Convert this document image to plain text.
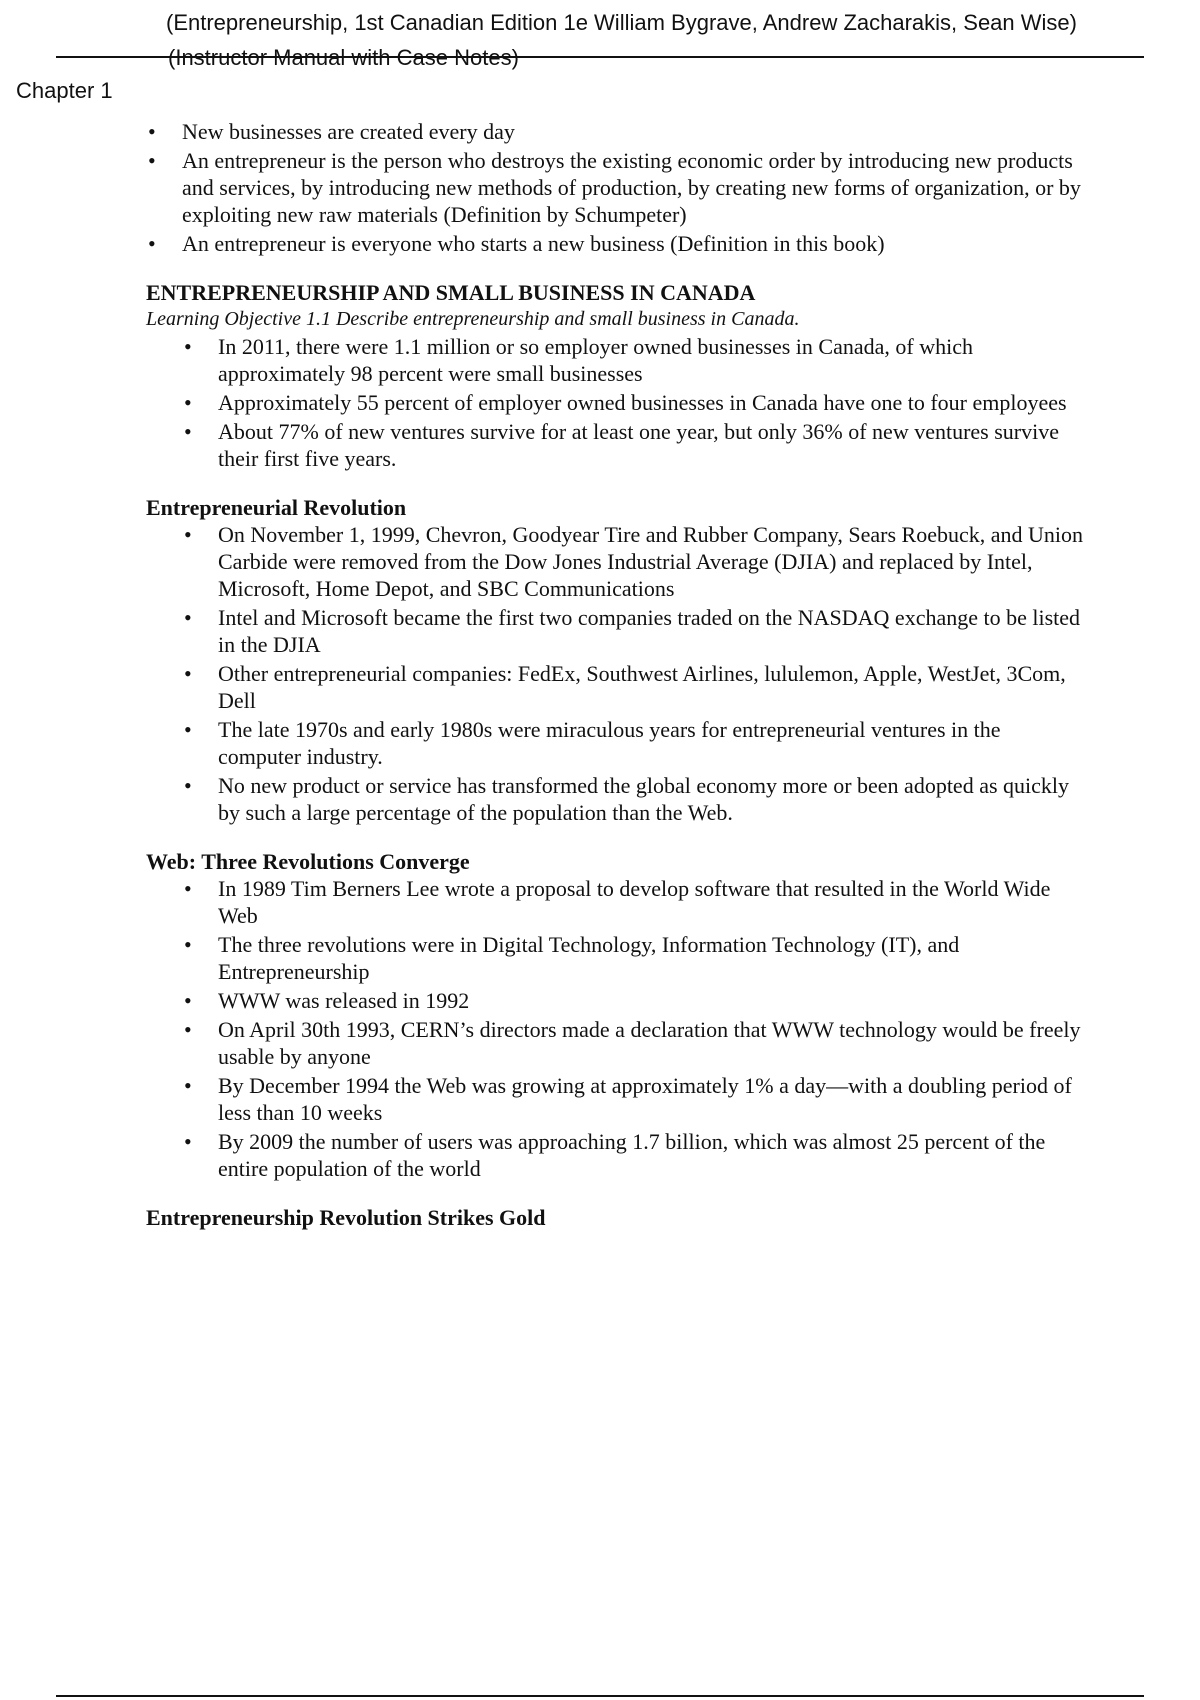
(Entrepreneurship, 1st Canadian Edition 1e William Bygrave, Andrew Zacharakis, Sean Wise)

(Instructor Manual with Case Notes)

Chapter 1

• New businesses are created every day
• An entrepreneur is the person who destroys the existing economic order by introducing new products and services, by introducing new methods of production, by creating new forms of organization, or by exploiting new raw materials (Definition by Schumpeter)
• An entrepreneur is everyone who starts a new business (Definition in this book)

ENTREPRENEURSHIP AND SMALL BUSINESS IN CANADA

Learning Objective 1.1 Describe entrepreneurship and small business in Canada.

• In 2011, there were 1.1 million or so employer owned businesses in Canada, of which approximately 98 percent were small businesses
• Approximately 55 percent of employer owned businesses in Canada have one to four employees
• About 77% of new ventures survive for at least one year, but only 36% of new ventures survive their first five years.

Entrepreneurial Revolution

• On November 1, 1999, Chevron, Goodyear Tire and Rubber Company, Sears Roebuck, and Union Carbide were removed from the Dow Jones Industrial Average (DJIA) and replaced by Intel, Microsoft, Home Depot, and SBC Communications
• Intel and Microsoft became the first two companies traded on the NASDAQ exchange to be listed in the DJIA
• Other entrepreneurial companies: FedEx, Southwest Airlines, lululemon, Apple, WestJet, 3Com, Dell
• The late 1970s and early 1980s were miraculous years for entrepreneurial ventures in the computer industry.
• No new product or service has transformed the global economy more or been adopted as quickly by such a large percentage of the population than the Web.

Web: Three Revolutions Converge

• In 1989 Tim Berners Lee wrote a proposal to develop software that resulted in the World Wide Web
• The three revolutions were in Digital Technology, Information Technology (IT), and Entrepreneurship
• WWW was released in 1992
• On April 30th 1993, CERN’s directors made a declaration that WWW technology would be freely usable by anyone
• By December 1994 the Web was growing at approximately 1% a day—with a doubling period of less than 10 weeks
• By 2009 the number of users was approaching 1.7 billion, which was almost 25 percent of the entire population of the world

Entrepreneurship Revolution Strikes Gold
